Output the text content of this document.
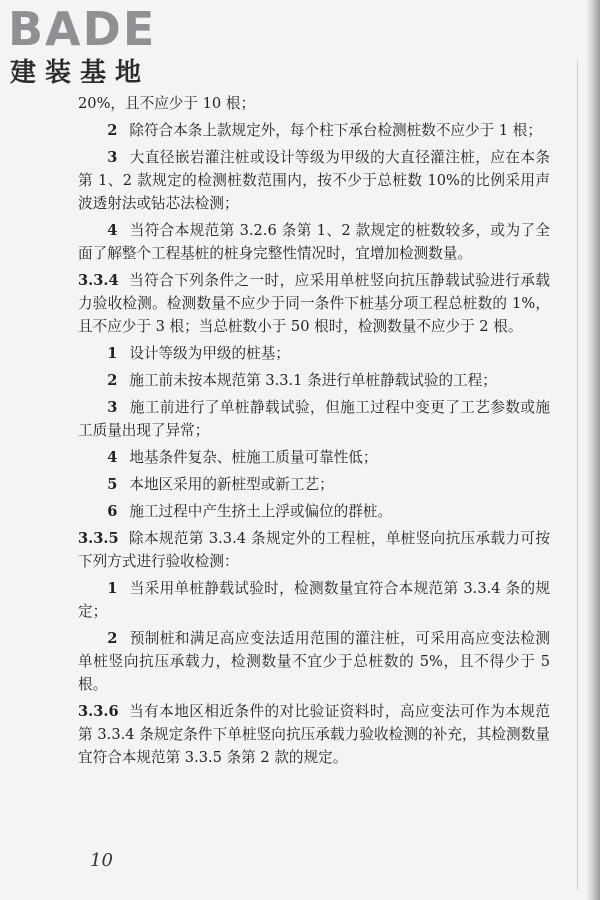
BADE
建装基地

20%，且不应少于 10 根；

2 除符合本条上款规定外，每个柱下承台检测桩数不应少于 1 根；

3 大直径嵌岩灌注桩或设计等级为甲级的大直径灌注桩，应在本条第 1、2 款规定的检测桩数范围内，按不少于总桩数 10%的比例采用声波透射法或钻芯法检测；

4 当符合本规范第 3.2.6 条第 1、2 款规定的桩数较多，或为了全面了解整个工程基桩的桩身完整性情况时，宜增加检测数量。

3.3.4 当符合下列条件之一时，应采用单桩竖向抗压静载试验进行承载力验收检测。检测数量不应少于同一条件下桩基分项工程总桩数的 1%，且不应少于 3 根；当总桩数小于 50 根时，检测数量不应少于 2 根。

1 设计等级为甲级的桩基；

2 施工前未按本规范第 3.3.1 条进行单桩静载试验的工程；

3 施工前进行了单桩静载试验，但施工过程中变更了工艺参数或施工质量出现了异常；

4 地基条件复杂、桩施工质量可靠性低；

5 本地区采用的新桩型或新工艺；

6 施工过程中产生挤土上浮或偏位的群桩。

3.3.5 除本规范第 3.3.4 条规定外的工程桩，单桩竖向抗压承载力可按下列方式进行验收检测：

1 当采用单桩静载试验时，检测数量宜符合本规范第 3.3.4 条的规定；

2 预制桩和满足高应变法适用范围的灌注桩，可采用高应变法检测单桩竖向抗压承载力，检测数量不宜少于总桩数的 5%，且不得少于 5 根。

3.3.6 当有本地区相近条件的对比验证资料时，高应变法可作为本规范第 3.3.4 条规定条件下单桩竖向抗压承载力验收检测的补充，其检测数量宜符合本规范第 3.3.5 条第 2 款的规定。

10
